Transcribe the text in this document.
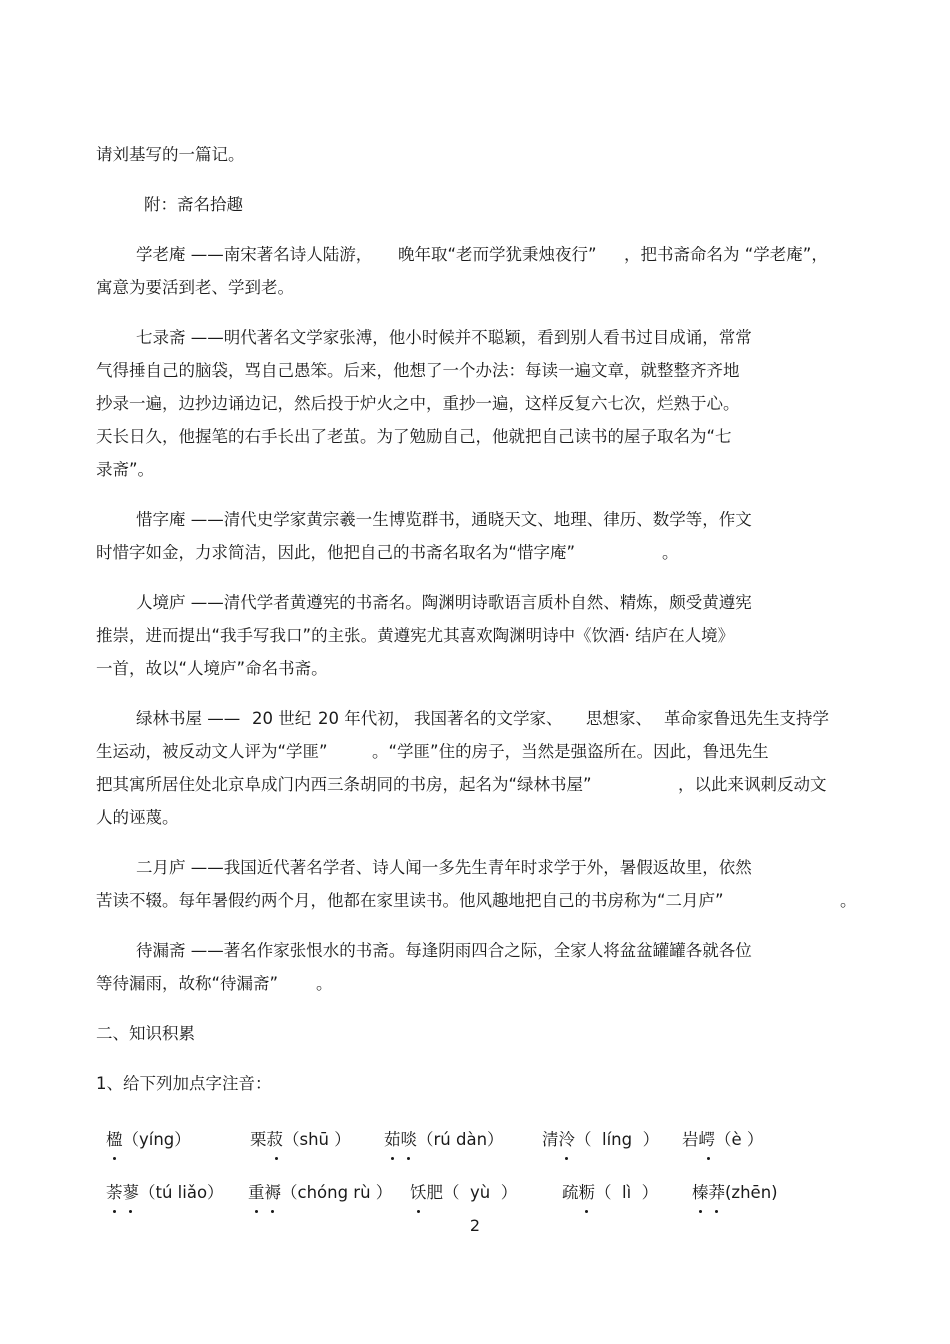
请刘基写的一篇记。
附：斋名拾趣
学老庵 ——南宋著名诗人陆游， 晚年取“老而学犹秉烛夜行” ，把书斋命名为 “学老庵”，
寓意为要活到老、学到老。
七录斋 ——明代著名文学家张溥，他小时候并不聪颖，看到别人看书过目成诵，常常
气得捶自己的脑袋，骂自己愚笨。后来，他想了一个办法：每读一遍文章，就整整齐齐地
抄录一遍，边抄边诵边记，然后投于炉火之中，重抄一遍，这样反复六七次，烂熟于心。
天长日久，他握笔的右手长出了老茧。为了勉励自己，他就把自己读书的屋子取名为“七
录斋”。
惜字庵 ——清代史学家黄宗羲一生博览群书，通晓天文、地理、律历、数学等，作文
时惜字如金，力求简洁，因此，他把自己的书斋名取名为“惜字庵”	。
人境庐 ——清代学者黄遵宪的书斋名。陶渊明诗歌语言质朴自然、精炼，颇受黄遵宪
推崇，进而提出“我手写我口”的主张。黄遵宪尤其喜欢陶渊明诗中《饮酒· 结庐在人境》
一首，故以“人境庐”命名书斋。
绿林书屋 —— 20 世纪 20 年代初， 我国著名的文学家、 思想家、 革命家鲁迅先生支持学
生运动，被反动文人评为“学匪”	。“学匪”住的房子，当然是强盗所在。因此，鲁迅先生
把其寓所居住处北京阜成门内西三条胡同的书房，起名为“绿林书屋”	，以此来讽刺反动文
人的诬蔑。
二月庐 ——我国近代著名学者、诗人闻一多先生青年时求学于外，暑假返故里，依然
苦读不辍。每年暑假约两个月，他都在家里读书。他风趣地把自己的书房称为“二月庐”	。
待漏斋 ——著名作家张恨水的书斋。每逢阴雨四合之际，全家人将盆盆罐罐各就各位
等待漏雨，故称“待漏斋” 。
二、知识积累
1、给下列加点字注音：
楹（yíng）	栗菽（shū ） 茹啖（rú dàn） 清泠（  líng  ） 岩崿（è ）
荼蓼（tú liǎo） 重褥（chóng rù ） 饫肥（  yù  ）	疏粝（  lì  ） 榛莽(zhēn)
2
